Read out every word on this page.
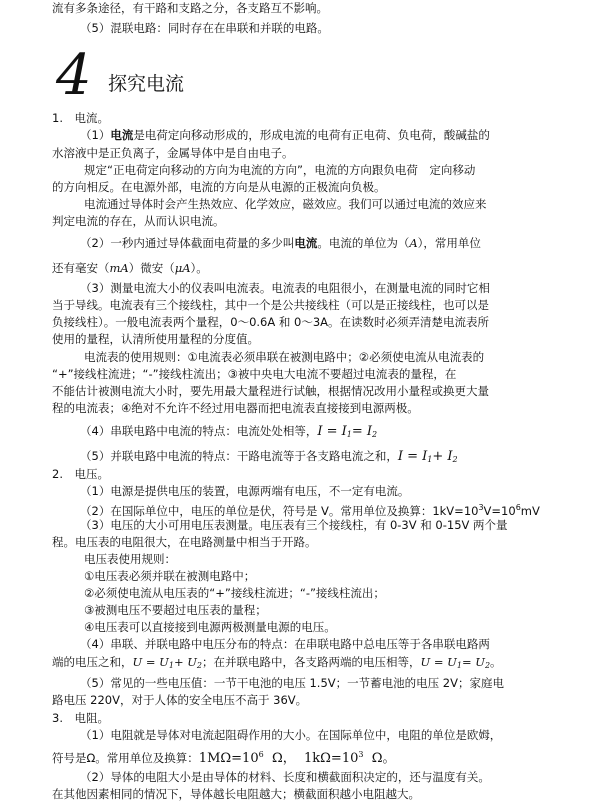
流有多条途径，有干路和支路之分，各支路互不影响。
（5）混联电路：同时存在在串联和并联的电路。
4 探究电流
1.　电流。
（1）电流是电荷定向移动形成的，形成电流的电荷有正电荷、负电荷，酸碱盐的
水溶液中是正负离子，金属导体中是自由电子。
规定“正电荷定向移动的方向为电流的方向”，电流的方向跟负电荷　定向移动
的方向相反。在电源外部，电流的方向是从电源的正极流向负极。
电流通过导体时会产生热效应、化学效应，磁效应。我们可以通过电流的效应来
判定电流的存在，从而认识电流。
（2）一秒内通过导体截面电荷量的多少叫电流。电流的单位为（A），常用单位
还有毫安（mA）微安（μA）。
（3）测量电流大小的仪表叫电流表。电流表的电阻很小，在测量电流的同时它相
当于导线。电流表有三个接线柱，其中一个是公共接线柱（可以是正接线柱，也可以是
负接线柱）。一般电流表两个量程，0～0.6A 和 0～3A。在读数时必须弄清楚电流表所
使用的量程，认清所使用量程的分度值。
电流表的使用规则：①电流表必须串联在被测电路中；②必须使电流从电流表的
“+”接线柱流进；“-”接线柱流出；③被中央电大电流不要超过电流表的量程，在
不能估计被测电流大小时，要先用最大量程进行试触，根据情况改用小量程或换更大量
程的电流表；④绝对不允许不经过用电器而把电流表直接接到电源两极。
（4）串联电路中电流的特点：电流处处相等，$I = I_1= I_2$
（5）并联电路中电流的特点：干路电流等于各支路电流之和，$I = I_1+ I_2$
2.　电压。
（1）电源是提供电压的装置，电源两端有电压，不一定有电流。
（2）在国际单位中，电压的单位是伏，符号是 V。常用单位及换算：$1kV=10^3V=10^6mV$
（3）电压的大小可用电压表测量。电压表有三个接线柱，有 0-3V 和 0-15V 两个量
程。电压表的电阻很大，在电路测量中相当于开路。
电压表使用规则：
①电压表必须并联在被测电路中；
②必须使电流从电压表的“+”接线柱流进；“-”接线柱流出；
③被测电压不要超过电压表的量程；
④电压表可以直接接到电源两极测量电源的电压。
（4）串联、并联电路中电压分布的特点：在串联电路中总电压等于各串联电路两
端的电压之和，$U = U_1+ U_2$；在并联电路中，各支路两端的电压相等，$U = U_1= U_2$。
（5）常见的一些电压值：一节干电池的电压 1.5V；一节蓄电池的电压 2V；家庭电
路电压 220V，对于人体的安全电压不高于 36V。
3.　电阻。
（1）电阻就是导体对电流起阻碍作用的大小。在国际单位中，电阻的单位是欧姆，
符号是Ω。常用单位及换算：$1M\Omega=10^6$ Ω， $1k\Omega=10^3$ Ω。
（2）导体的电阻大小是由导体的材料、长度和横截面积决定的，还与温度有关。
在其他因素相同的情况下，导体越长电阻越大；横截面积越小电阻越大。
